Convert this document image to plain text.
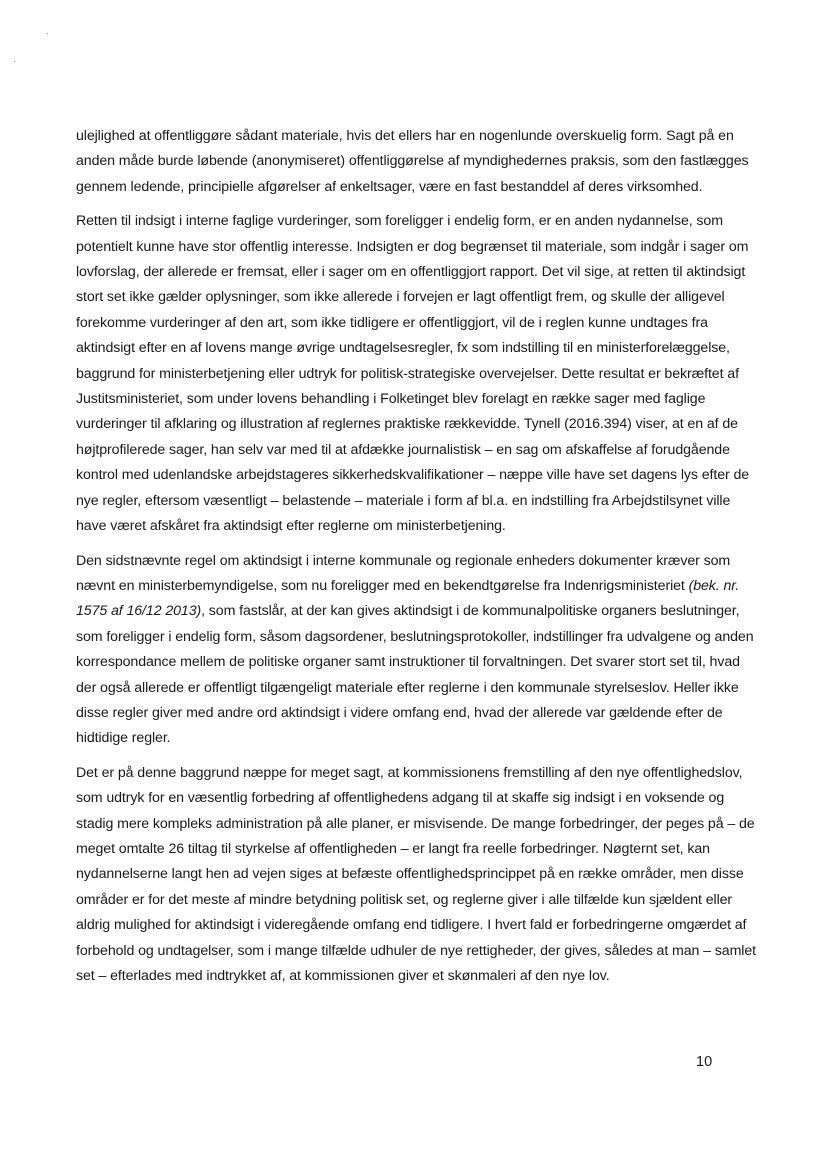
ulejlighed at offentliggøre sådant materiale, hvis det ellers har en nogenlunde overskuelig form. Sagt på en anden måde burde løbende (anonymiseret) offentliggørelse af myndighedernes praksis, som den fastlægges gennem ledende, principielle afgørelser af enkeltsager, være en fast bestanddel af deres virksomhed.

Retten til indsigt i interne faglige vurderinger, som foreligger i endelig form, er en anden nydannelse, som potentielt kunne have stor offentlig interesse. Indsigten er dog begrænset til materiale, som indgår i sager om lovforslag, der allerede er fremsat, eller i sager om en offentliggjort rapport. Det vil sige, at retten til aktindsigt stort set ikke gælder oplysninger, som ikke allerede i forvejen er lagt offentligt frem, og skulle der alligevel forekomme vurderinger af den art, som ikke tidligere er offentliggjort, vil de i reglen kunne undtages fra aktindsigt efter en af lovens mange øvrige undtagelsesregler, fx som indstilling til en ministerforelæggelse, baggrund for ministerbetjening eller udtryk for politisk-strategiske overvejelser. Dette resultat er bekræftet af Justitsministeriet, som under lovens behandling i Folketinget blev forelagt en række sager med faglige vurderinger til afklaring og illustration af reglernes praktiske rækkevidde. Tynell (2016.394) viser, at en af de højtprofilerede sager, han selv var med til at afdække journalistisk – en sag om afskaffelse af forudgående kontrol med udenlandske arbejdstageres sikkerhedskvalifikationer – næppe ville have set dagens lys efter de nye regler, eftersom væsentligt – belastende – materiale i form af bl.a. en indstilling fra Arbejdstilsynet ville have været afskåret fra aktindsigt efter reglerne om ministerbetjening.

Den sidstnævnte regel om aktindsigt i interne kommunale og regionale enheders dokumenter kræver som nævnt en ministerbemyndigelse, som nu foreligger med en bekendtgørelse fra Indenrigsministeriet (bek. nr. 1575 af 16/12 2013), som fastslår, at der kan gives aktindsigt i de kommunalpolitiske organers beslutninger, som foreligger i endelig form, såsom dagsordener, beslutningsprotokoller, indstillinger fra udvalgene og anden korrespondance mellem de politiske organer samt instruktioner til forvaltningen. Det svarer stort set til, hvad der også allerede er offentligt tilgængeligt materiale efter reglerne i den kommunale styrelseslov. Heller ikke disse regler giver med andre ord aktindsigt i videre omfang end, hvad der allerede var gældende efter de hidtidige regler.

Det er på denne baggrund næppe for meget sagt, at kommissionens fremstilling af den nye offentlighedslov, som udtryk for en væsentlig forbedring af offentlighedens adgang til at skaffe sig indsigt i en voksende og stadig mere kompleks administration på alle planer, er misvisende. De mange forbedringer, der peges på – de meget omtalte 26 tiltag til styrkelse af offentligheden – er langt fra reelle forbedringer. Nøgternt set, kan nydannelserne langt hen ad vejen siges at befæste offentlighedsprincippet på en række områder, men disse områder er for det meste af mindre betydning politisk set, og reglerne giver i alle tilfælde kun sjældent eller aldrig mulighed for aktindsigt i videregående omfang end tidligere. I hvert fald er forbedringerne omgærdet af forbehold og undtagelser, som i mange tilfælde udhuler de nye rettigheder, der gives, således at man – samlet set – efterlades med indtrykket af, at kommissionen giver et skønmaleri af den nye lov.

10
